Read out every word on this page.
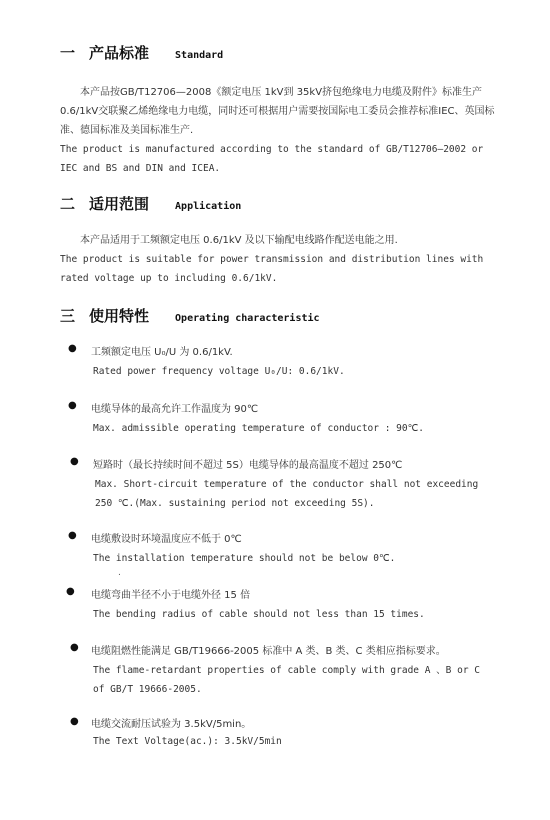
一 产品标准	Standard
本产品按GB/T12706—2008《额定电压 1kV到 35kV挤包绝缘电力电缆及附件》标准生产 0.6/1kV交联聚乙烯绝缘电力电缆，同时还可根据用户需要按国际电工委员会推荐标准IEC、英国标准、德国标准及美国标准生产.
The product is manufactured according to the standard of GB/T12706—2002 or IEC and BS and DIN and ICEA.
二 适用范围	Application
本产品适用于工频额定电压 0.6/1kV 及以下输配电线路作配送电能之用.
The product is suitable for power transmission and distribution lines with rated voltage up to including 0.6/1kV.
三 使用特性	Operating characteristic
● 工频额定电压 U₀/U 为 0.6/1kV.
Rated power frequency voltage U₀/U: 0.6/1kV.
● 电缆导体的最高允许工作温度为 90℃
Max. admissible operating temperature of conductor : 90℃.
● 短路时（最长持续时间不超过 5S）电缆导体的最高温度不超过 250℃
Max. Short-circuit temperature of the conductor shall not exceeding 250 ℃.(Max. sustaining period not exceeding 5S).
● 电缆敷设时环境温度应不低于 0℃
The installation temperature should not be below 0℃.
.
● 电缆弯曲半径不小于电缆外径 15 倍
The bending radius of cable should not less than 15 times.
● 电缆阻燃性能满足 GB/T19666-2005 标准中 A 类、B 类、C 类相应指标要求。
The flame-retardant properties of cable comply with grade A 、B or C of GB/T 19666-2005.
● 电缆交流耐压试验为 3.5kV/5min。
The Text Voltage(ac.): 3.5kV/5min
